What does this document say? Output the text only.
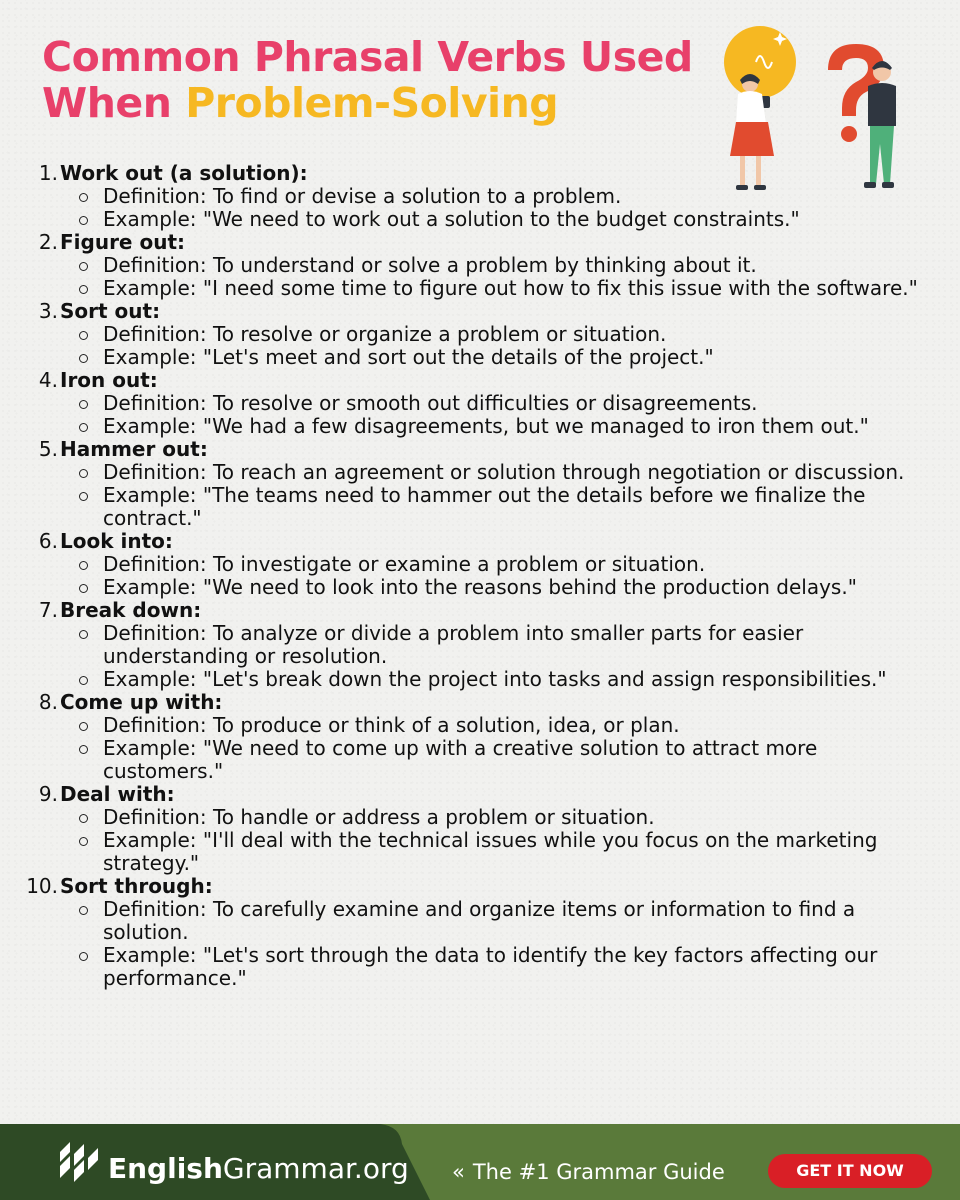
Common Phrasal Verbs Used
When Problem-Solving
1. Work out (a solution):
Definition: To find or devise a solution to a problem.
Example: "We need to work out a solution to the budget constraints."
2. Figure out:
Definition: To understand or solve a problem by thinking about it.
Example: "I need some time to figure out how to fix this issue with the software."
3. Sort out:
Definition: To resolve or organize a problem or situation.
Example: "Let's meet and sort out the details of the project."
4. Iron out:
Definition: To resolve or smooth out difficulties or disagreements.
Example: "We had a few disagreements, but we managed to iron them out."
5. Hammer out:
Definition: To reach an agreement or solution through negotiation or discussion.
Example: "The teams need to hammer out the details before we finalize the contract."
6. Look into:
Definition: To investigate or examine a problem or situation.
Example: "We need to look into the reasons behind the production delays."
7. Break down:
Definition: To analyze or divide a problem into smaller parts for easier understanding or resolution.
Example: "Let's break down the project into tasks and assign responsibilities."
8. Come up with:
Definition: To produce or think of a solution, idea, or plan.
Example: "We need to come up with a creative solution to attract more customers."
9. Deal with:
Definition: To handle or address a problem or situation.
Example: "I'll deal with the technical issues while you focus on the marketing strategy."
10. Sort through:
Definition: To carefully examine and organize items or information to find a solution.
Example: "Let's sort through the data to identify the key factors affecting our performance."
EnglishGrammar.org « The #1 Grammar Guide	GET IT NOW
